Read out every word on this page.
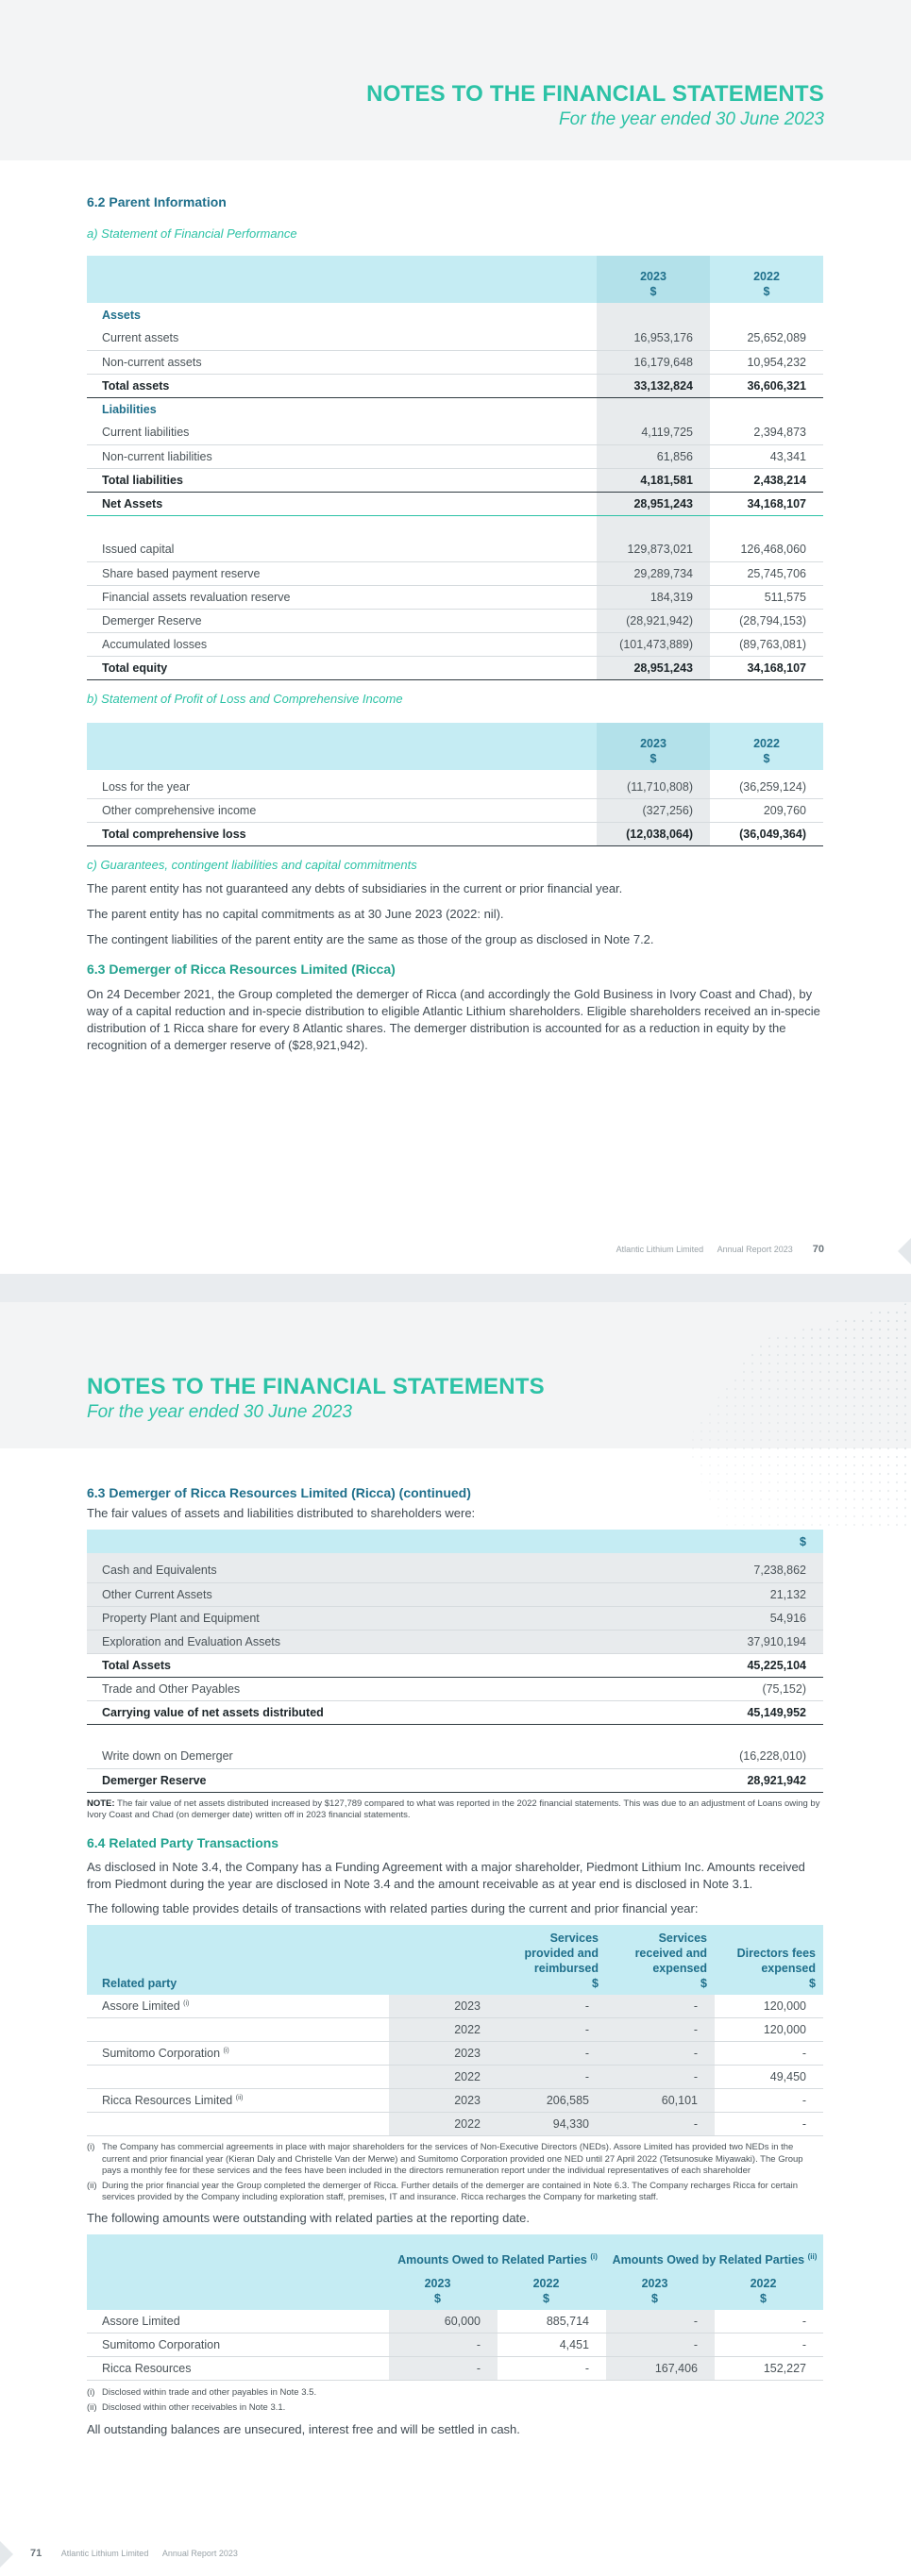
NOTES TO THE FINANCIAL STATEMENTS
For the year ended 30 June 2023
6.2 Parent Information
a) Statement of Financial Performance
	2023
$	2022
$
Assets		
Current assets	16,953,176	25,652,089
Non-current assets	16,179,648	10,954,232
Total assets	33,132,824	36,606,321
Liabilities		
Current liabilities	4,119,725	2,394,873
Non-current liabilities	61,856	43,341
Total liabilities	4,181,581	2,438,214
Net Assets	28,951,243	34,168,107

Issued capital	129,873,021	126,468,060
Share based payment reserve	29,289,734	25,745,706
Financial assets revaluation reserve	184,319	511,575
Demerger Reserve	(28,921,942)	(28,794,153)
Accumulated losses	(101,473,889)	(89,763,081)
Total equity	28,951,243	34,168,107
b) Statement of Profit of Loss and Comprehensive Income
	2023
$	2022
$

Loss for the year	(11,710,808)	(36,259,124)
Other comprehensive income	(327,256)	209,760
Total comprehensive loss	(12,038,064)	(36,049,364)
c) Guarantees, contingent liabilities and capital commitments
The parent entity has not guaranteed any debts of subsidiaries in the current or prior financial year.
The parent entity has no capital commitments as at 30 June 2023 (2022: nil).
The contingent liabilities of the parent entity are the same as those of the group as disclosed in Note 7.2.
6.3 Demerger of Ricca Resources Limited (Ricca)
On 24 December 2021, the Group completed the demerger of Ricca (and accordingly the Gold Business in Ivory Coast and Chad), by way of a capital reduction and in-specie distribution to eligible Atlantic Lithium shareholders. Eligible shareholders received an in-specie distribution of 1 Ricca share for every 8 Atlantic shares. The demerger distribution is accounted for as a reduction in equity by the recognition of a demerger reserve of ($28,921,942).
Atlantic Lithium Limited Annual Report 2023 70
NOTES TO THE FINANCIAL STATEMENTS
For the year ended 30 June 2023
6.3 Demerger of Ricca Resources Limited (Ricca) (continued)
The fair values of assets and liabilities distributed to shareholders were:
	$

Cash and Equivalents	7,238,862
Other Current Assets	21,132
Property Plant and Equipment	54,916
Exploration and Evaluation Assets	37,910,194
Total Assets	45,225,104
Trade and Other Payables	(75,152)
Carrying value of net assets distributed	45,149,952

Write down on Demerger	(16,228,010)
Demerger Reserve	28,921,942
NOTE: The fair value of net assets distributed increased by $127,789 compared to what was reported in the 2022 financial statements. This was due to an adjustment of Loans owing by Ivory Coast and Chad (on demerger date) written off in 2023 financial statements.
6.4 Related Party Transactions
As disclosed in Note 3.4, the Company has a Funding Agreement with a major shareholder, Piedmont Lithium Inc. Amounts received from Piedmont during the year are disclosed in Note 3.4 and the amount receivable as at year end is disclosed in Note 3.1.
The following table provides details of transactions with related parties during the current and prior financial year:
Related party		Services provided and reimbursed
$	Services received and expensed
$	Directors fees expensed
$
Assore Limited $^{(i)}$	2023	-	-	120,000
	2022	-	-	120,000
Sumitomo Corporation $^{(i)}$	2023	-	-	-
	2022	-	-	49,450
Ricca Resources Limited $^{(ii)}$	2023	206,585	60,101	-
	2022	94,330	-	-
(i) The Company has commercial agreements in place with major shareholders for the services of Non-Executive Directors (NEDs). Assore Limited has provided two NEDs in the current and prior financial year (Kieran Daly and Christelle Van der Merwe) and Sumitomo Corporation provided one NED until 27 April 2022 (Tetsunosuke Miyawaki). The Group pays a monthly fee for these services and the fees have been included in the directors remuneration report under the individual representatives of each shareholder
(ii) During the prior financial year the Group completed the demerger of Ricca. Further details of the demerger are contained in Note 6.3. The Company recharges Ricca for certain services provided by the Company including exploration staff, premises, IT and insurance. Ricca recharges the Company for marketing staff.
The following amounts were outstanding with related parties at the reporting date.
	Amounts Owed to Related Parties $^{(i)}$		Amounts Owed by Related Parties $^{(ii)}$
	2023
$	2022
$	2023
$	2022
$
Assore Limited	60,000	885,714	-	-
Sumitomo Corporation	-	4,451	-	-
Ricca Resources	-	-	167,406	152,227
(i) Disclosed within trade and other payables in Note 3.5.
(ii) Disclosed within other receivables in Note 3.1.
All outstanding balances are unsecured, interest free and will be settled in cash.
71 Atlantic Lithium Limited Annual Report 2023
